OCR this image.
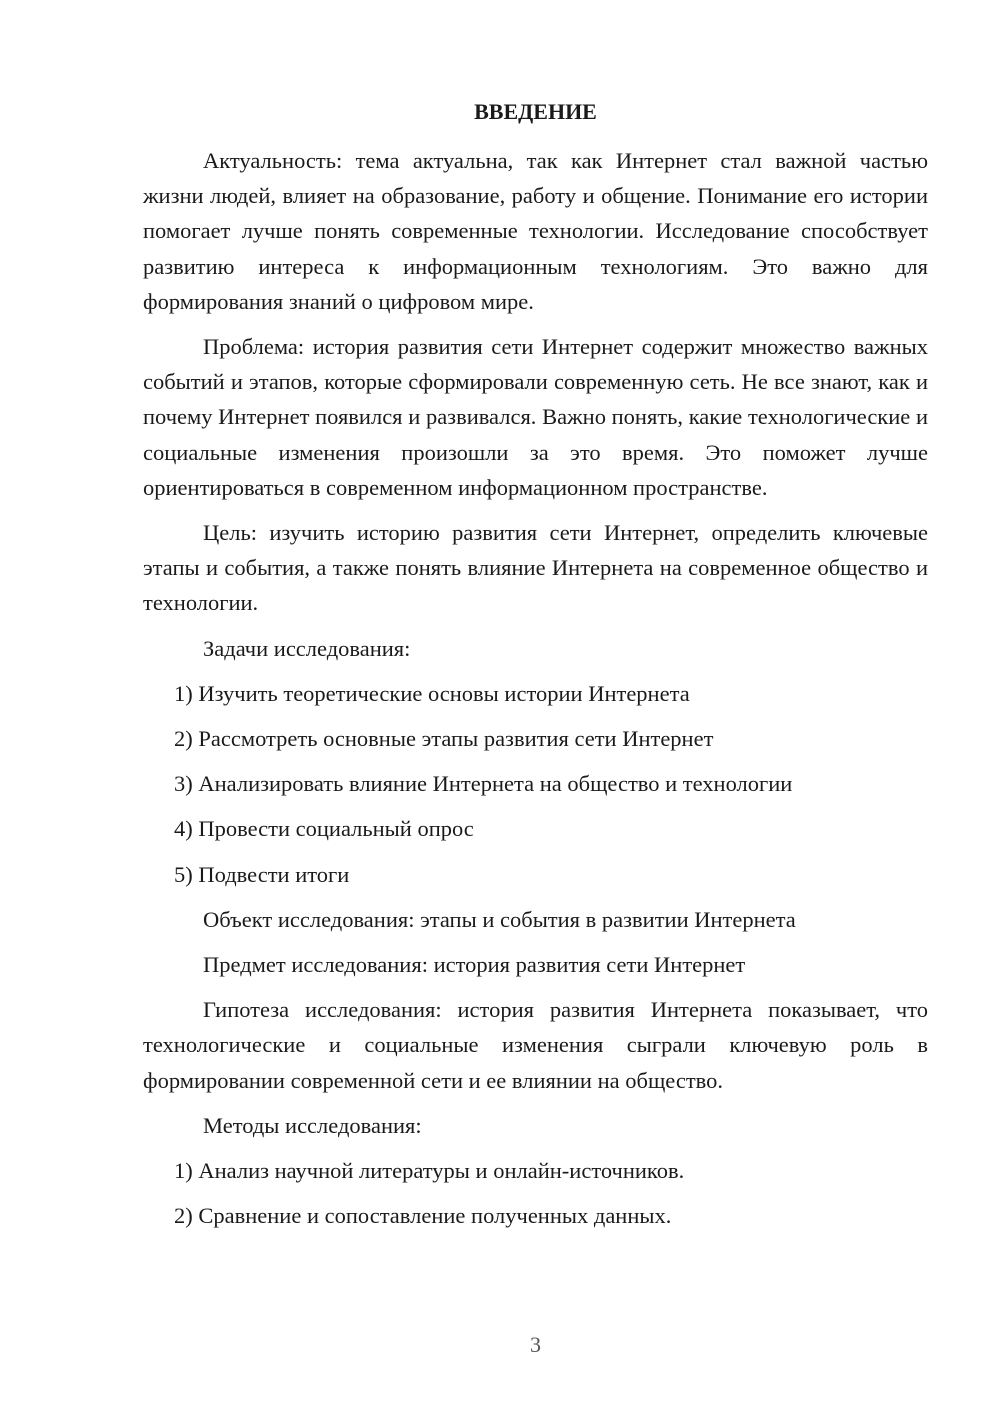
ВВЕДЕНИЕ

Актуальность: тема актуальна, так как Интернет стал важной частью жизни людей, влияет на образование, работу и общение. Понимание его истории помогает лучше понять современные технологии. Исследование способствует развитию интереса к информационным технологиям. Это важно для формирования знаний о цифровом мире.

Проблема: история развития сети Интернет содержит множество важных событий и этапов, которые сформировали современную сеть. Не все знают, как и почему Интернет появился и развивался. Важно понять, какие технологические и социальные изменения произошли за это время. Это поможет лучше ориентироваться в современном информационном пространстве.

Цель: изучить историю развития сети Интернет, определить ключевые этапы и события, а также понять влияние Интернета на современное общество и технологии.

Задачи исследования:

1) Изучить теоретические основы истории Интернета

2) Рассмотреть основные этапы развития сети Интернет

3) Анализировать влияние Интернета на общество и технологии

4) Провести социальный опрос

5) Подвести итоги

Объект исследования: этапы и события в развитии Интернета

Предмет исследования: история развития сети Интернет

Гипотеза исследования: история развития Интернета показывает, что технологические и социальные изменения сыграли ключевую роль в формировании современной сети и ее влиянии на общество.

Методы исследования:

1) Анализ научной литературы и онлайн-источников.

2) Сравнение и сопоставление полученных данных.

3
